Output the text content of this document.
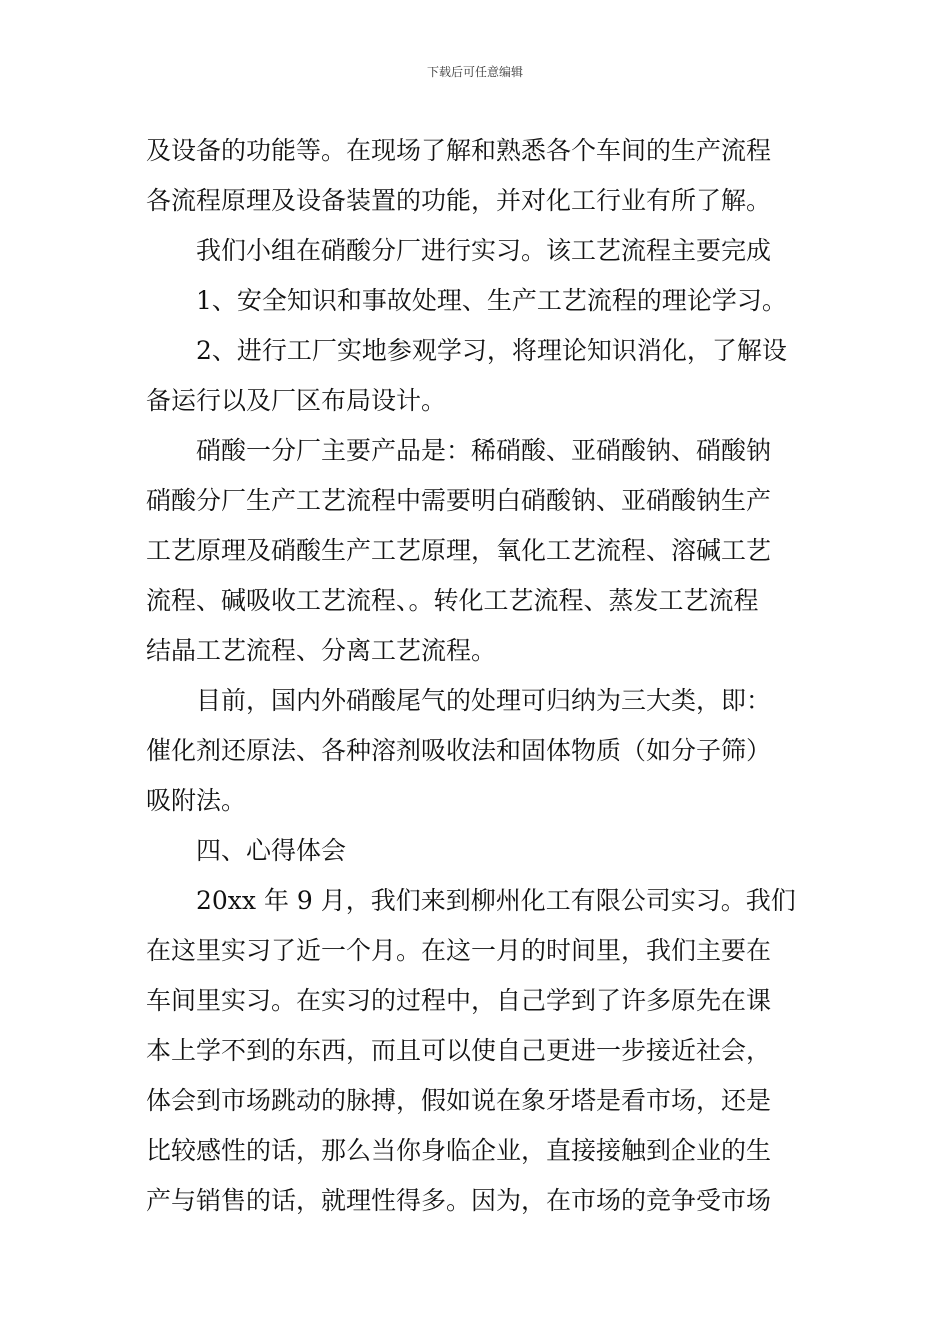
下载后可任意编辑
及设备的功能等。在现场了解和熟悉各个车间的生产流程
各流程原理及设备装置的功能，并对化工行业有所了解。
我们小组在硝酸分厂进行实习。该工艺流程主要完成
1、安全知识和事故处理、生产工艺流程的理论学习。
2、进行工厂实地参观学习，将理论知识消化，了解设
备运行以及厂区布局设计。
硝酸一分厂主要产品是：稀硝酸、亚硝酸钠、硝酸钠
硝酸分厂生产工艺流程中需要明白硝酸钠、亚硝酸钠生产
工艺原理及硝酸生产工艺原理，氧化工艺流程、溶碱工艺
流程、碱吸收工艺流程、。转化工艺流程、蒸发工艺流程
结晶工艺流程、分离工艺流程。
目前，国内外硝酸尾气的处理可归纳为三大类，即：
催化剂还原法、各种溶剂吸收法和固体物质（如分子筛）
吸附法。
四、心得体会
20xx 年 9 月，我们来到柳州化工有限公司实习。我们
在这里实习了近一个月。在这一月的时间里，我们主要在
车间里实习。在实习的过程中，自己学到了许多原先在课
本上学不到的东西，而且可以使自己更进一步接近社会，
体会到市场跳动的脉搏，假如说在象牙塔是看市场，还是
比较感性的话，那么当你身临企业，直接接触到企业的生
产与销售的话，就理性得多。因为，在市场的竞争受市场
